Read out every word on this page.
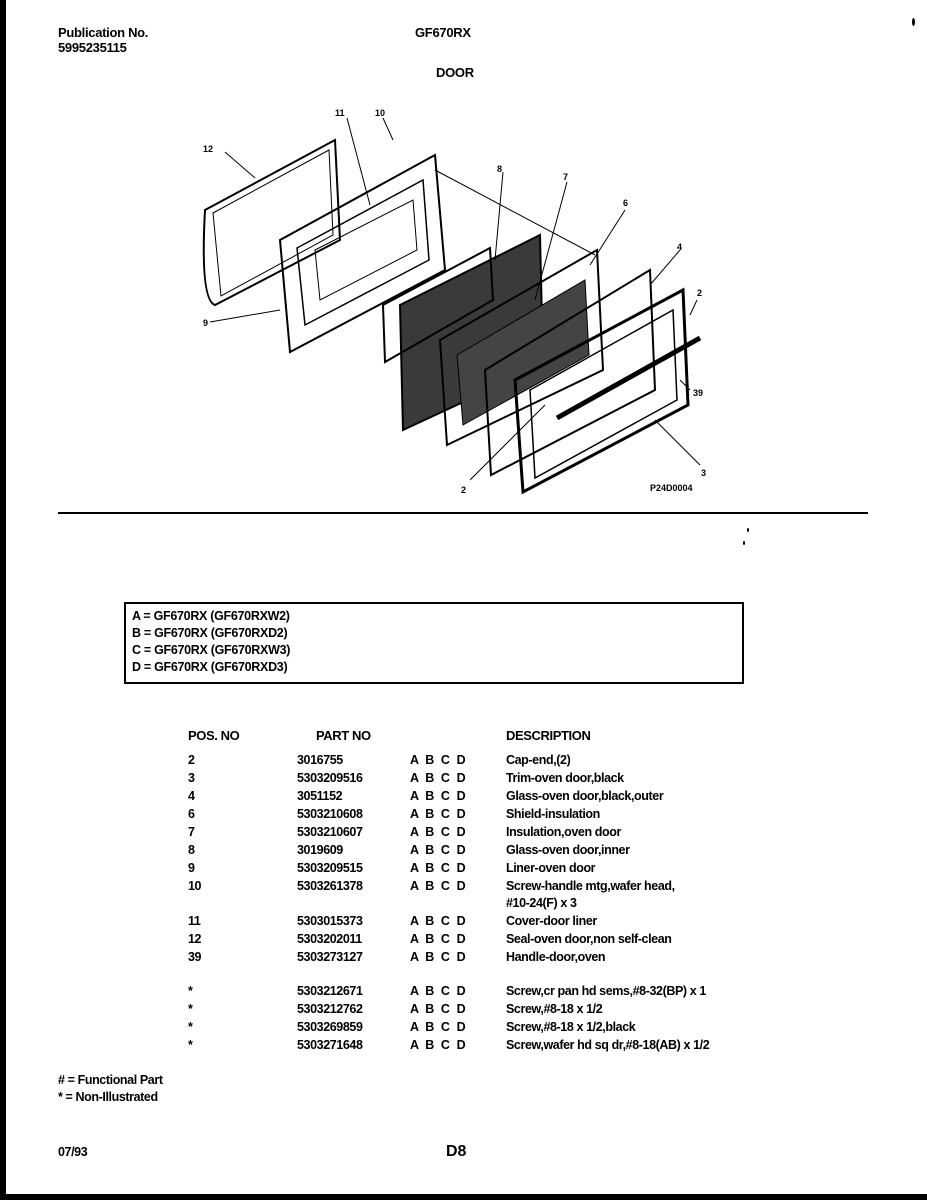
Publication No.
5995235115
GF670RX
DOOR
12
11	10
8
7
6
4
2
39
3
2
9
P24D0004
A = GF670RX (GF670RXW2)
B = GF670RX (GF670RXD2)
C = GF670RX (GF670RXW3)
D = GF670RX (GF670RXD3)
POS. NO	PART NO	DESCRIPTION
2	3016755	A B C D	Cap-end,(2)
3	5303209516	A B C D	Trim-oven door,black
4	3051152	A B C D	Glass-oven door,black,outer
6	5303210608	A B C D	Shield-insulation
7	5303210607	A B C D	Insulation,oven door
8	3019609	A B C D	Glass-oven door,inner
9	5303209515	A B C D	Liner-oven door
10	5303261378	A B C D	Screw-handle mtg,wafer head,
#10-24(F) x 3
11	5303015373	A B C D	Cover-door liner
12	5303202011	A B C D	Seal-oven door,non self-clean
39	5303273127	A B C D	Handle-door,oven
*	5303212671	A B C D	Screw,cr pan hd sems,#8-32(BP) x 1
*	5303212762	A B C D	Screw,#8-18 x 1/2
*	5303269859	A B C D	Screw,#8-18 x 1/2,black
*	5303271648	A B C D	Screw,wafer hd sq dr,#8-18(AB) x 1/2
# = Functional Part
* = Non-Illustrated
07/93	D8
